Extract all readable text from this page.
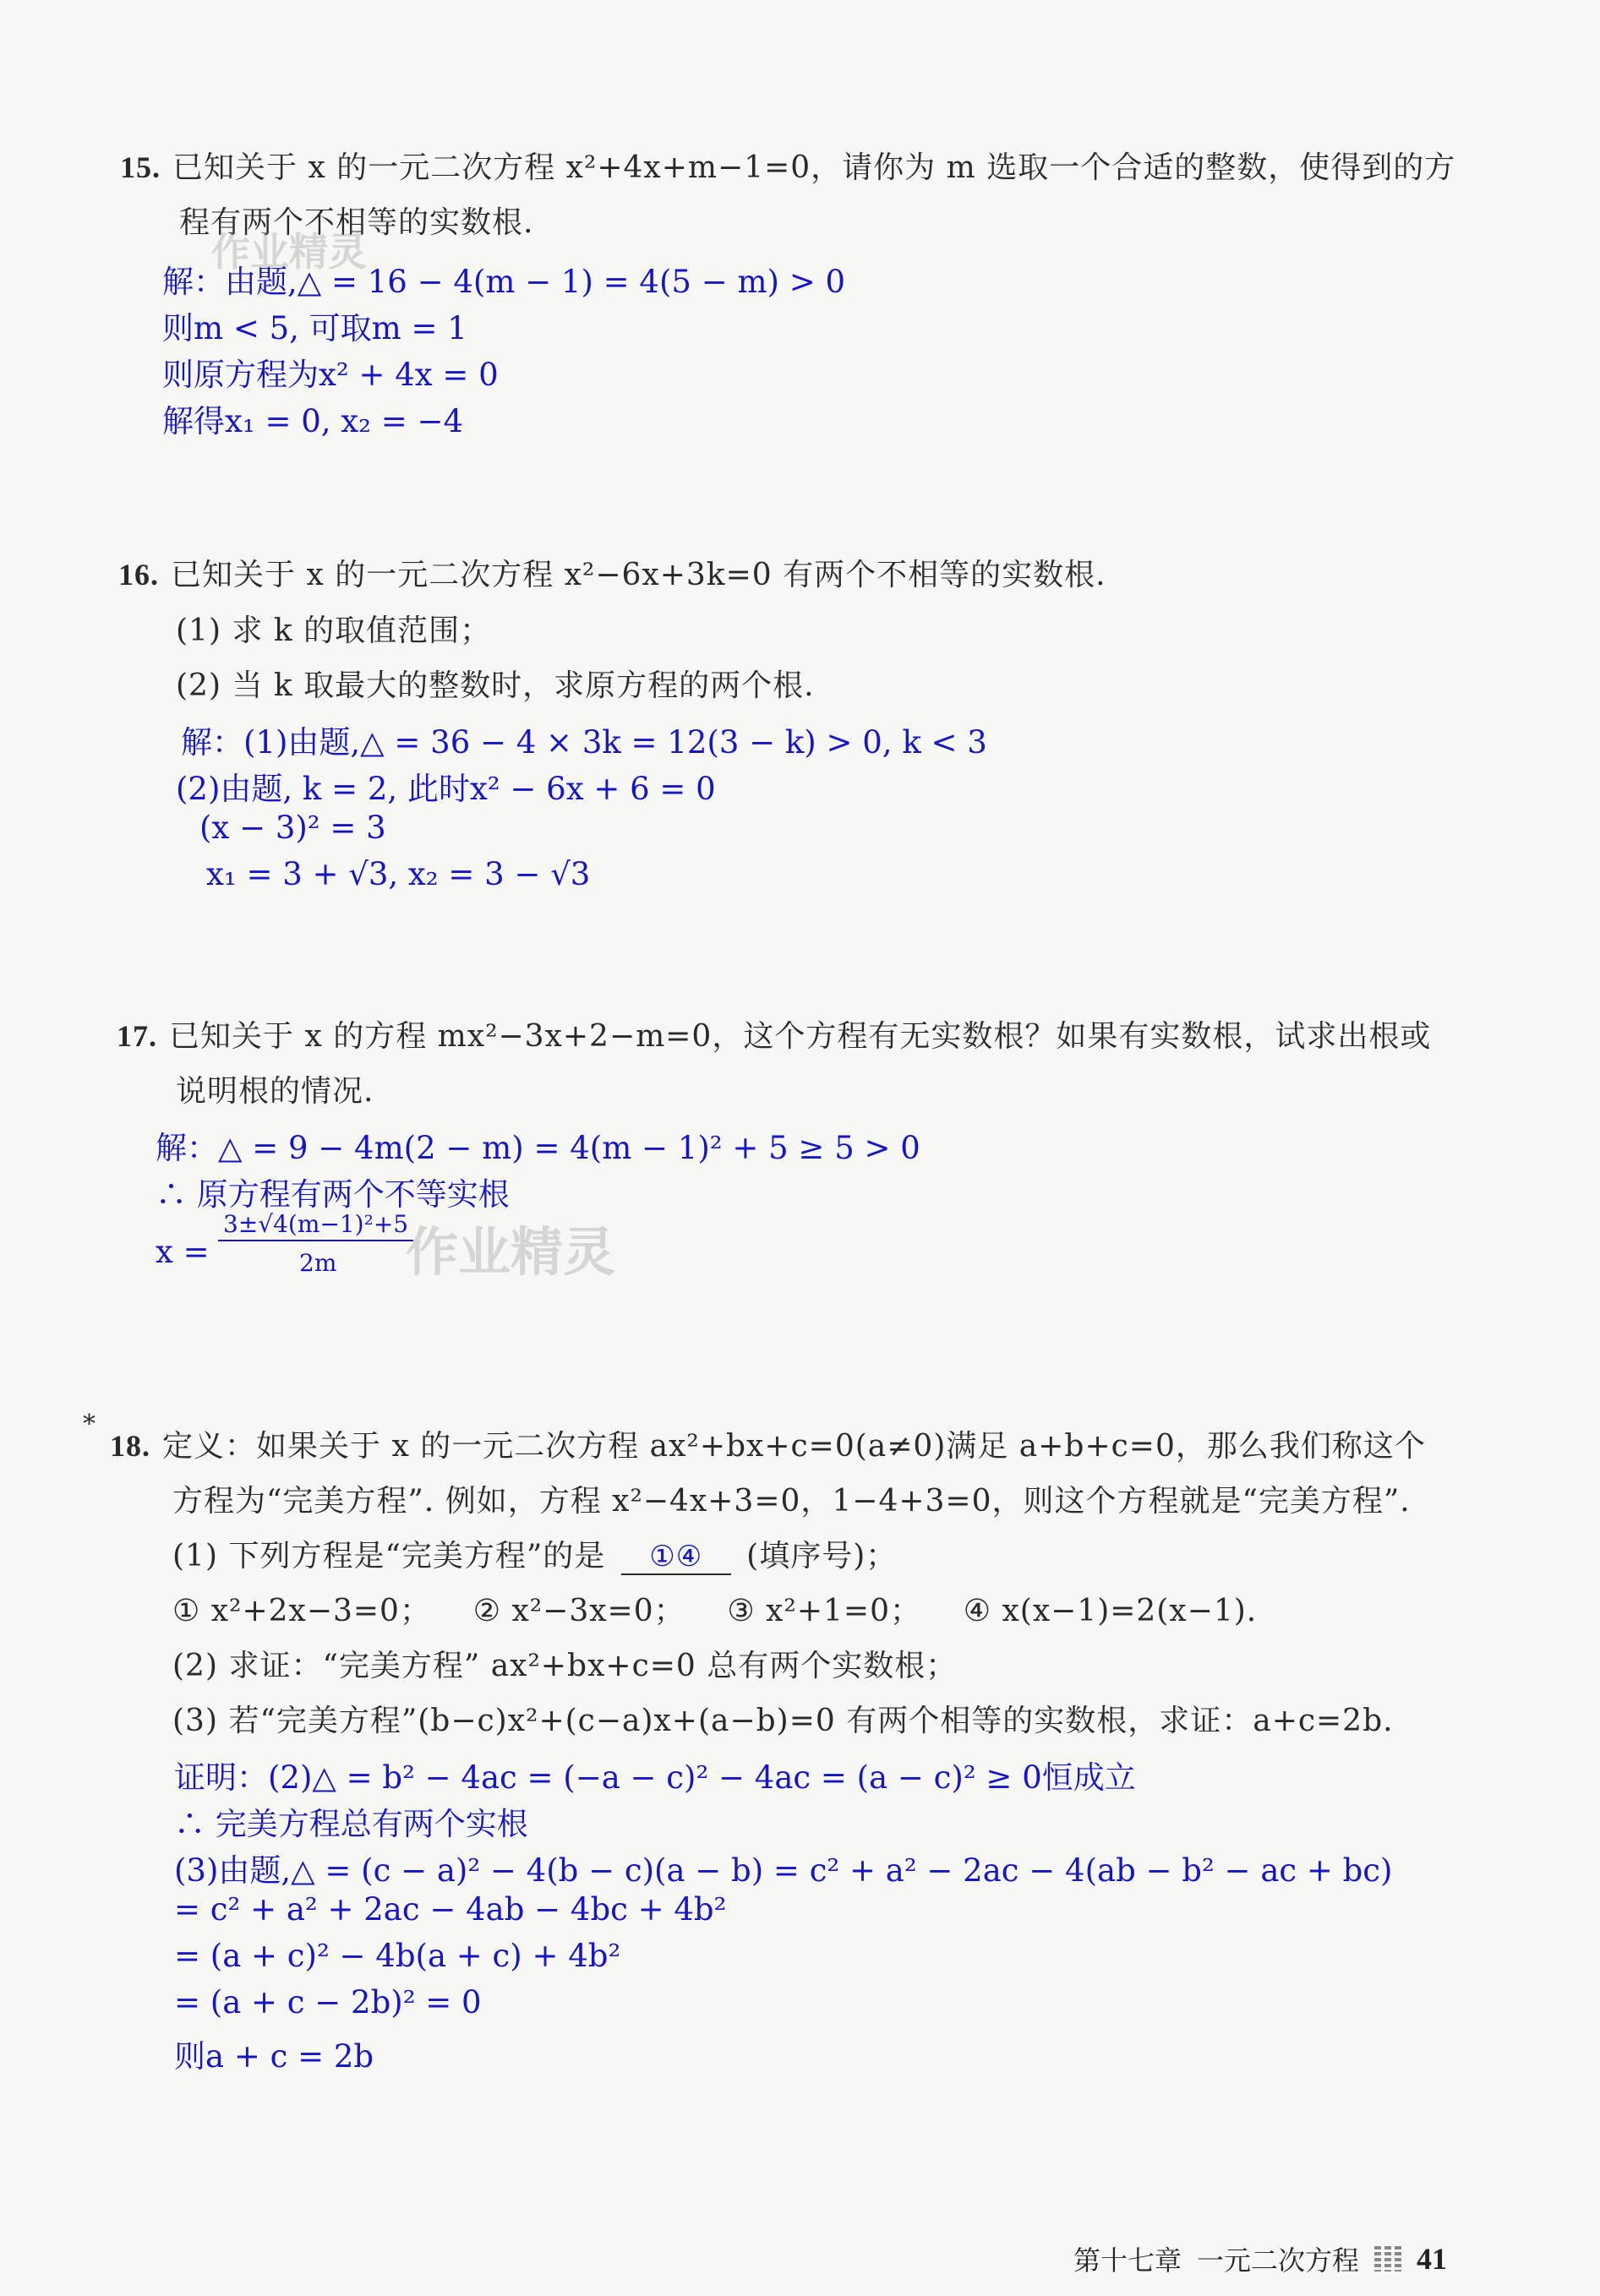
15. 已知关于 x 的一元二次方程 x²+4x+m−1=0，请你为 m 选取一个合适的整数，使得到的方
程有两个不相等的实数根.
解：由题,△ = 16 − 4(m − 1) = 4(5 − m) > 0
则m < 5, 可取m = 1
则原方程为x² + 4x = 0
解得x₁ = 0, x₂ = −4
作业精灵
16. 已知关于 x 的一元二次方程 x²−6x+3k=0 有两个不相等的实数根.
(1) 求 k 的取值范围；
(2) 当 k 取最大的整数时，求原方程的两个根.
解：(1)由题,△ = 36 − 4 × 3k = 12(3 − k) > 0, k < 3
(2)由题, k = 2, 此时x² − 6x + 6 = 0
(x − 3)² = 3
x₁ = 3 + √3, x₂ = 3 − √3
17. 已知关于 x 的方程 mx²−3x+2−m=0，这个方程有无实数根？如果有实数根，试求出根或
说明根的情况.
解：△ = 9 − 4m(2 − m) = 4(m − 1)² + 5 ≥ 5 > 0
∴ 原方程有两个不等实根
x =
3±√4(m−1)²+5
2m 作业精灵
*
18. 定义：如果关于 x 的一元二次方程 ax²+bx+c=0(a≠0)满足 a+b+c=0，那么我们称这个
方程为“完美方程”. 例如，方程 x²−4x+3=0，1−4+3=0，则这个方程就是“完美方程”.
(1) 下列方程是“完美方程”的是 ①④ (填序号)；
① x²+2x−3=0；    ② x²−3x=0；    ③ x²+1=0；    ④ x(x−1)=2(x−1).
(2) 求证：“完美方程” ax²+bx+c=0 总有两个实数根；
(3) 若“完美方程”(b−c)x²+(c−a)x+(a−b)=0 有两个相等的实数根，求证：a+c=2b.
证明：(2)△ = b² − 4ac = (−a − c)² − 4ac = (a − c)² ≥ 0恒成立
∴ 完美方程总有两个实根
(3)由题,△ = (c − a)² − 4(b − c)(a − b) = c² + a² − 2ac − 4(ab − b² − ac + bc)
= c² + a² + 2ac − 4ab − 4bc + 4b²
= (a + c)² − 4b(a + c) + 4b²
= (a + c − 2b)² = 0
则a + c = 2b
第十七章 一元二次方程 41
